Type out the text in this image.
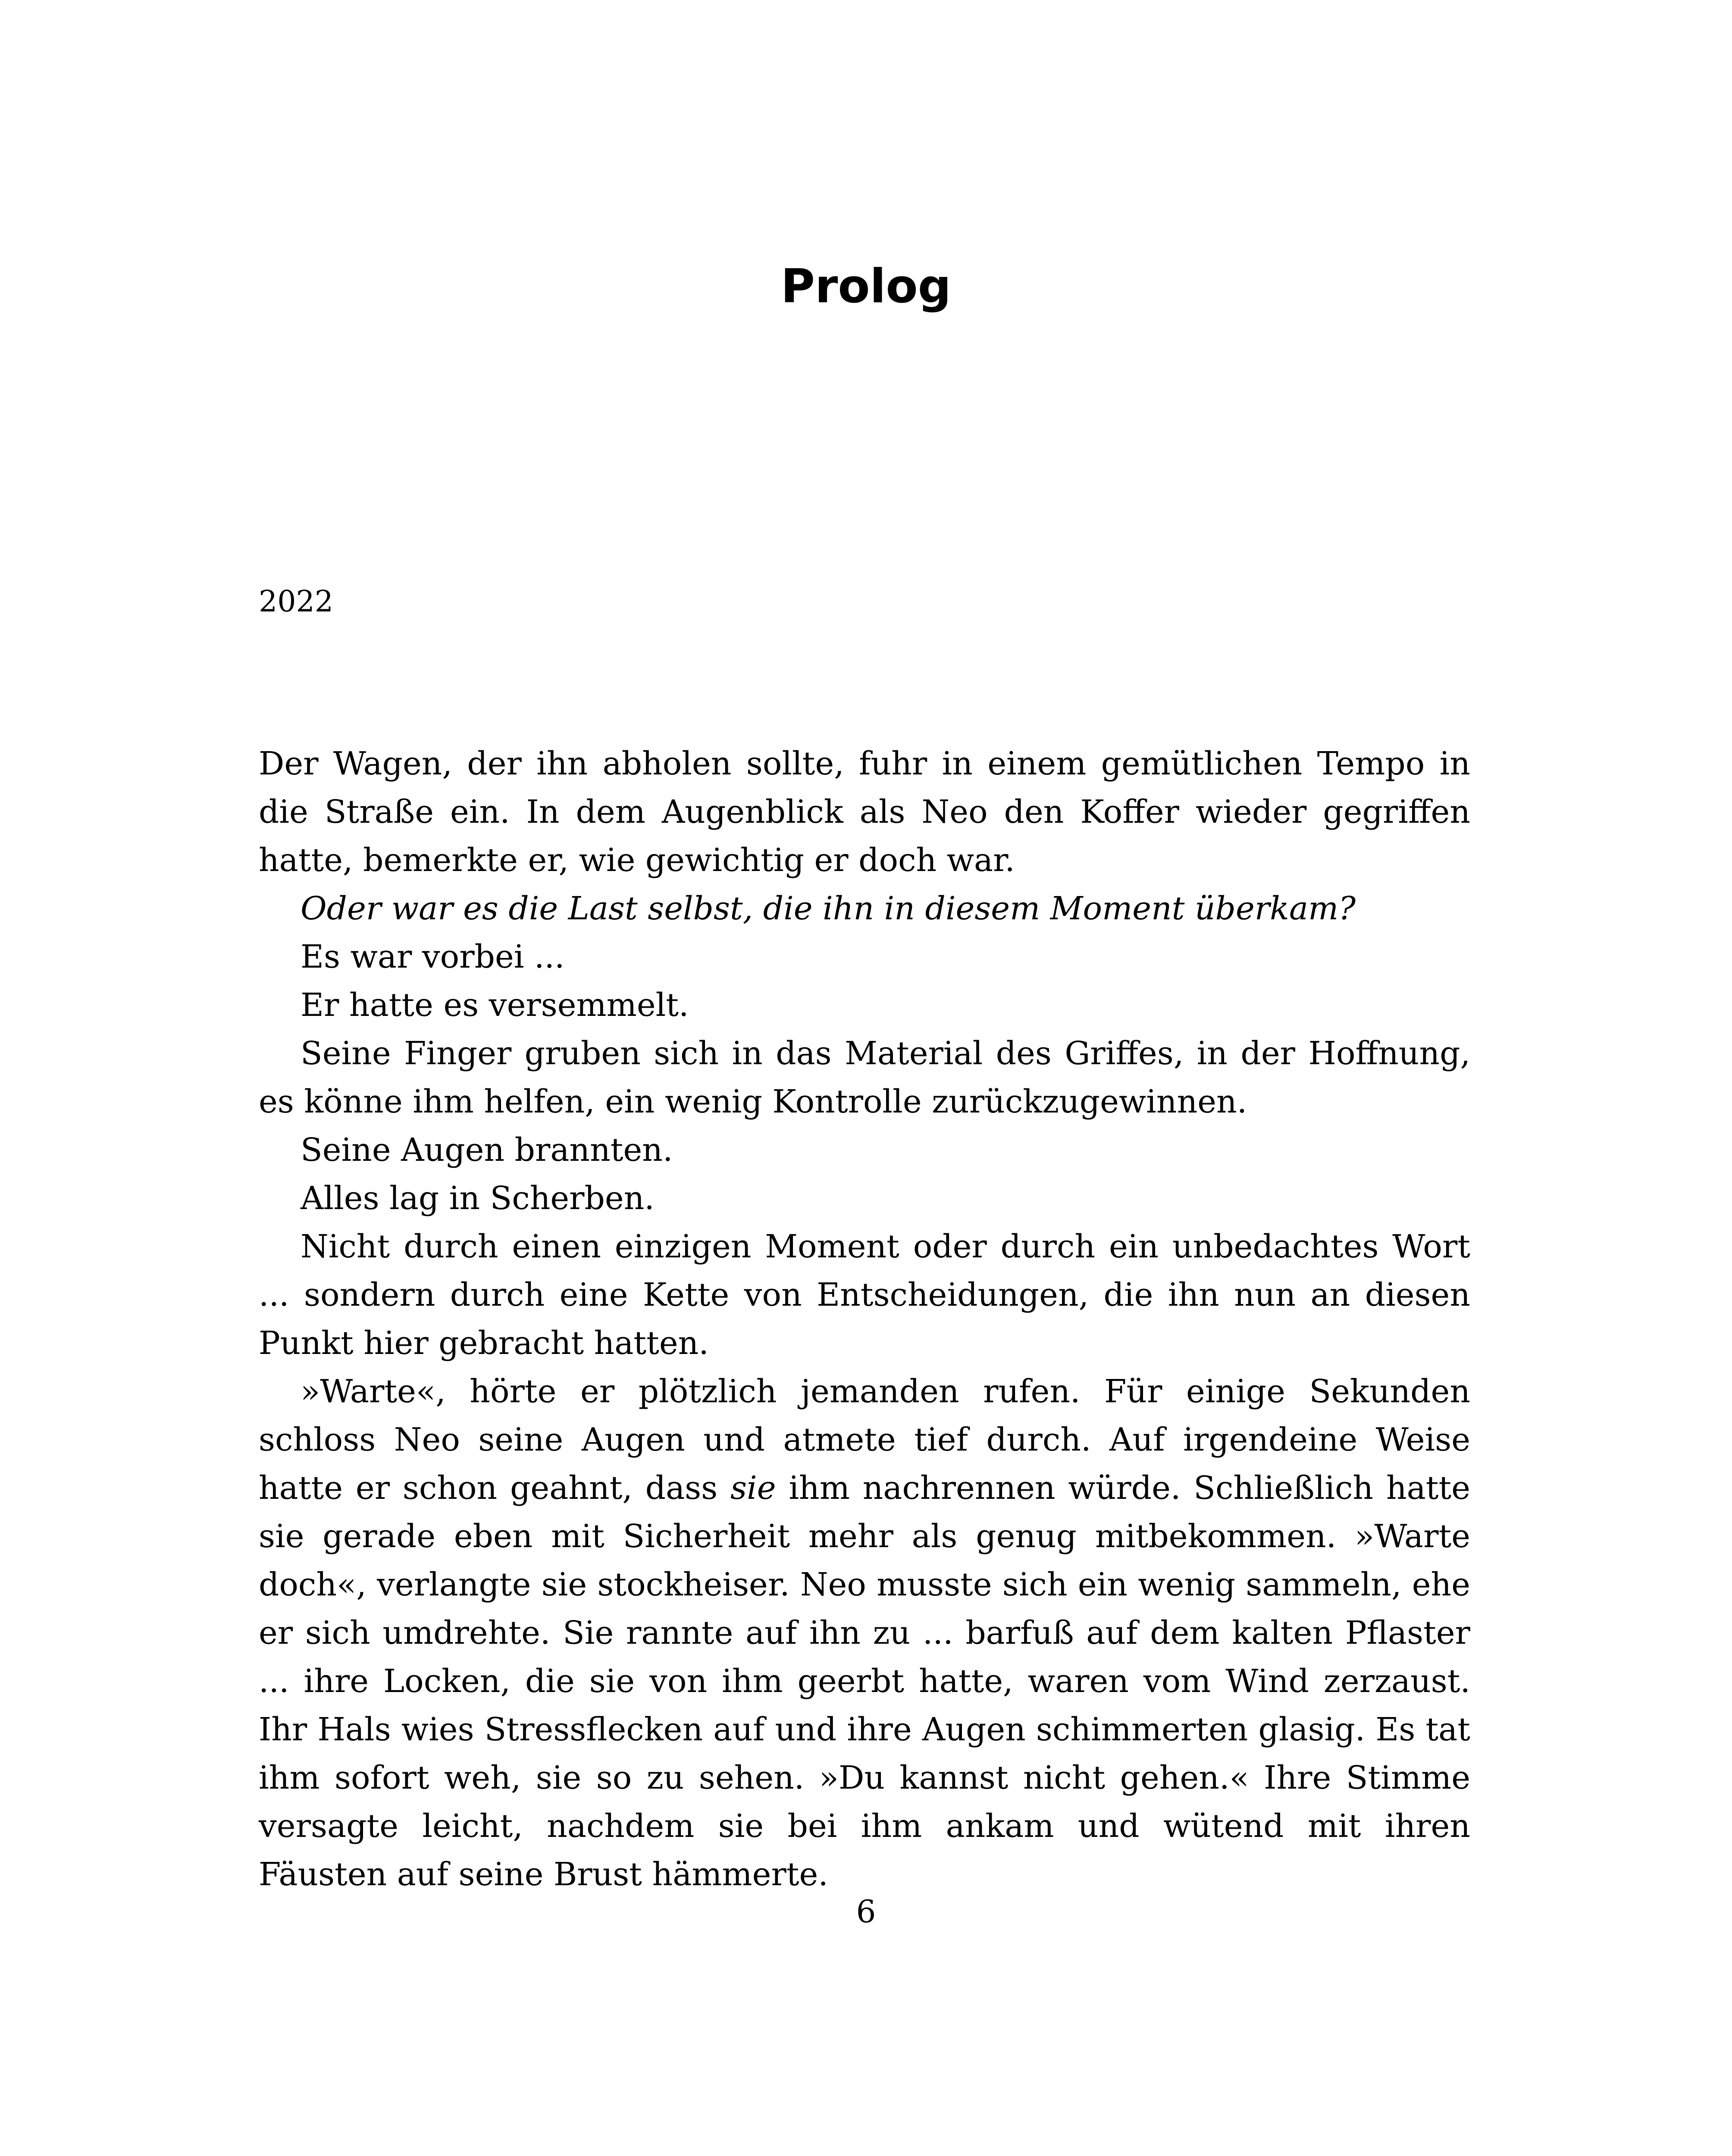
Prolog
2022

Der Wagen, der ihn abholen sollte, fuhr in einem gemütlichen Tempo in die Straße ein. In dem Augenblick als Neo den Koffer wieder gegriffen hatte, bemerkte er, wie gewichtig er doch war.

Oder war es die Last selbst, die ihn in diesem Moment überkam?

Es war vorbei ...

Er hatte es versemmelt.

Seine Finger gruben sich in das Material des Griffes, in der Hoffnung, es könne ihm helfen, ein wenig Kontrolle zurückzugewinnen.

Seine Augen brannten.

Alles lag in Scherben.

Nicht durch einen einzigen Moment oder durch ein unbedachtes Wort ... sondern durch eine Kette von Entscheidungen, die ihn nun an diesen Punkt hier gebracht hatten.

»Warte«, hörte er plötzlich jemanden rufen. Für einige Sekunden schloss Neo seine Augen und atmete tief durch. Auf irgendeine Weise hatte er schon geahnt, dass sie ihm nachrennen würde. Schließlich hatte sie gerade eben mit Sicherheit mehr als genug mitbekommen. »Warte doch«, verlangte sie stockheiser. Neo musste sich ein wenig sammeln, ehe er sich umdrehte. Sie rannte auf ihn zu ... barfuß auf dem kalten Pflaster ... ihre Locken, die sie von ihm geerbt hatte, waren vom Wind zerzaust. Ihr Hals wies Stressflecken auf und ihre Augen schimmerten glasig. Es tat ihm sofort weh, sie so zu sehen. »Du kannst nicht gehen.« Ihre Stimme versagte leicht, nachdem sie bei ihm ankam und wütend mit ihren Fäusten auf seine Brust hämmerte.

6
